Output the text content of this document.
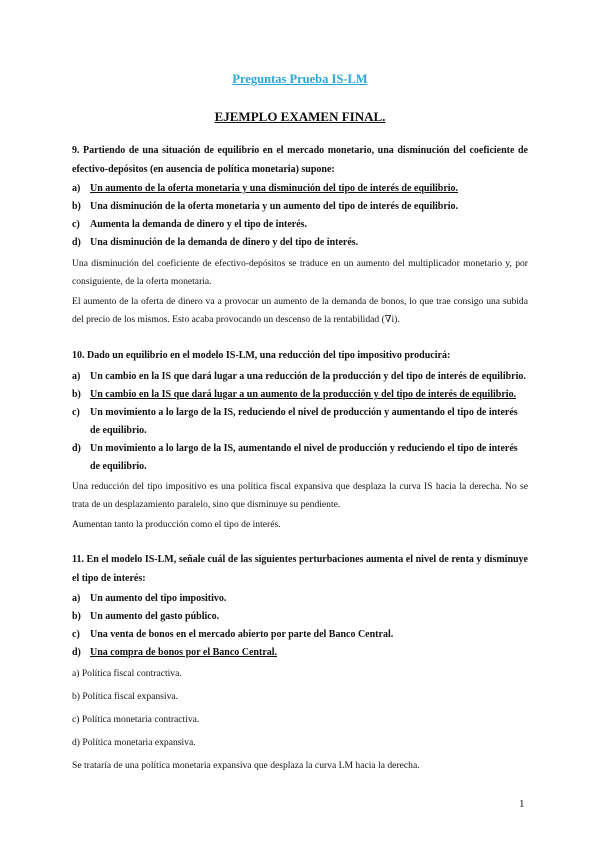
Preguntas Prueba IS-LM
EJEMPLO EXAMEN FINAL.
9. Partiendo de una situación de equilibrio en el mercado monetario, una disminución del coeficiente de efectivo-depósitos (en ausencia de política monetaria) supone:
a) Un aumento de la oferta monetaria y una disminución del tipo de interés de equilibrio.
b) Una disminución de la oferta monetaria y un aumento del tipo de interés de equilibrio.
c)	Aumenta la demanda de dinero y el tipo de interés.
d) Una disminución de la demanda de dinero y del tipo de interés.
Una disminución del coeficiente de efectivo-depósitos se traduce en un aumento del multiplicador monetario y, por consiguiente, de la oferta monetaria.
El aumento de la oferta de dinero va a provocar un aumento de la demanda de bonos, lo que trae consigo una subida del precio de los mismos. Esto acaba provocando un descenso de la rentabilidad (∇i).
10. Dado un equilibrio en el modelo IS-LM, una reducción del tipo impositivo producirá:
a) Un cambio en la IS que dará lugar a una reducción de la producción y del tipo de interés de equilibrio.
b) Un cambio en la IS que dará lugar a un aumento de la producción y del tipo de interés de equilibrio.
c)	Un movimiento a lo largo de la IS, reduciendo el nivel de producción y aumentando el tipo de interés de equilibrio.
d) Un movimiento a lo largo de la IS, aumentando el nivel de producción y reduciendo el tipo de interés de equilibrio.
Una reducción del tipo impositivo es una política fiscal expansiva que desplaza la curva IS hacia la derecha. No se trata de un desplazamiento paralelo, sino que disminuye su pendiente.
Aumentan tanto la producción como el tipo de interés.
11. En el modelo IS-LM, señale cuál de las siguientes perturbaciones aumenta el nivel de renta y disminuye el tipo de interés:
a) Un aumento del tipo impositivo.
b) Un aumento del gasto público.
c)	Una venta de bonos en el mercado abierto por parte del Banco Central.
d) Una compra de bonos por el Banco Central.
a) Política fiscal contractiva.
b) Política fiscal expansiva.
c) Política monetaria contractiva.
d) Política monetaria expansiva.
Se trataría de una política monetaria expansiva que desplaza la curva LM hacia la derecha.
1
